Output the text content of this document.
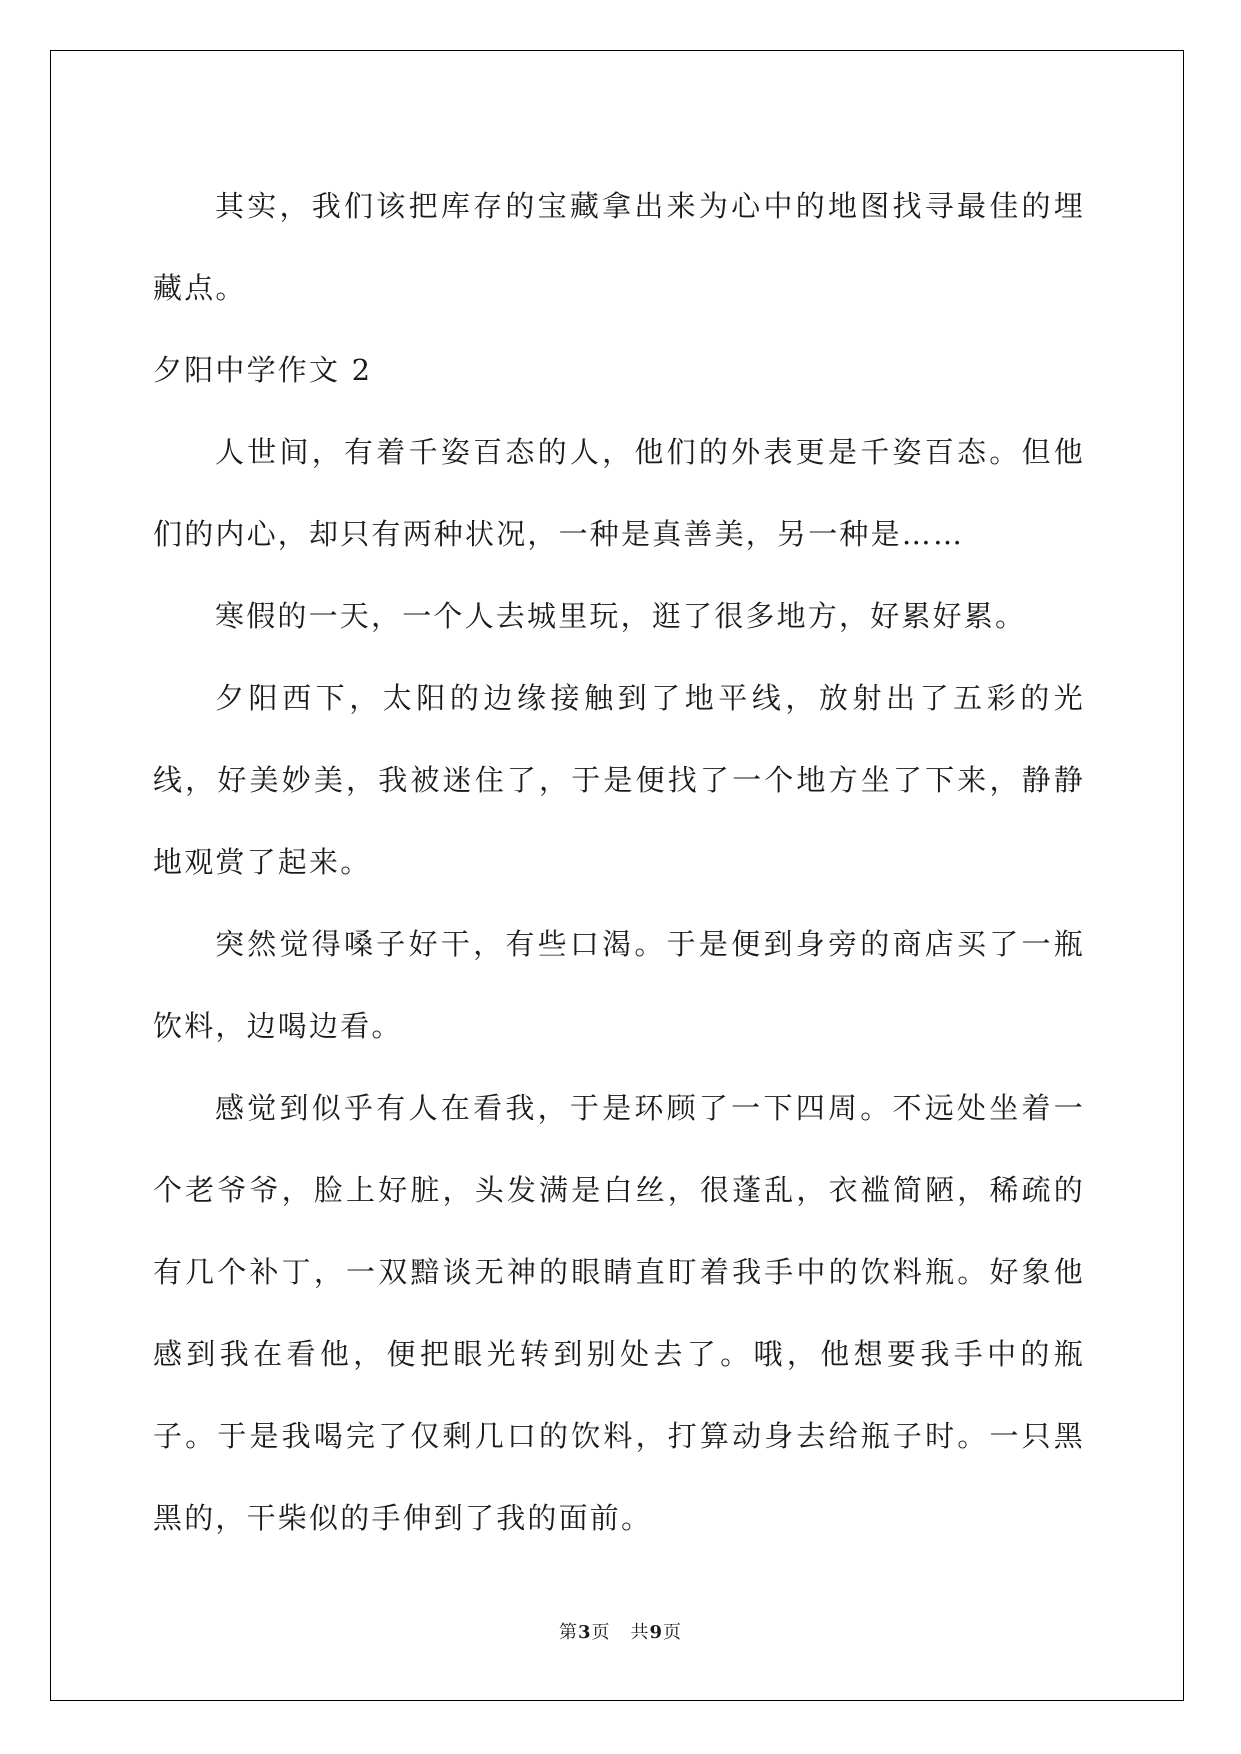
其实，我们该把库存的宝藏拿出来为心中的地图找寻最佳的埋藏点。

夕阳中学作文 2

人世间，有着千姿百态的人，他们的外表更是千姿百态。但他们的内心，却只有两种状况，一种是真善美，另一种是……

寒假的一天，一个人去城里玩，逛了很多地方，好累好累。

夕阳西下，太阳的边缘接触到了地平线，放射出了五彩的光线，好美妙美，我被迷住了，于是便找了一个地方坐了下来，静静地观赏了起来。

突然觉得嗓子好干，有些口渴。于是便到身旁的商店买了一瓶饮料，边喝边看。

感觉到似乎有人在看我，于是环顾了一下四周。不远处坐着一个老爷爷，脸上好脏，头发满是白丝，很蓬乱，衣褴简陋，稀疏的有几个补丁，一双黯谈无神的眼睛直盯着我手中的饮料瓶。好象他感到我在看他，便把眼光转到别处去了。哦，他想要我手中的瓶子。于是我喝完了仅剩几口的饮料，打算动身去给瓶子时。一只黑黑的，干柴似的手伸到了我的面前。

第3页 共9页
